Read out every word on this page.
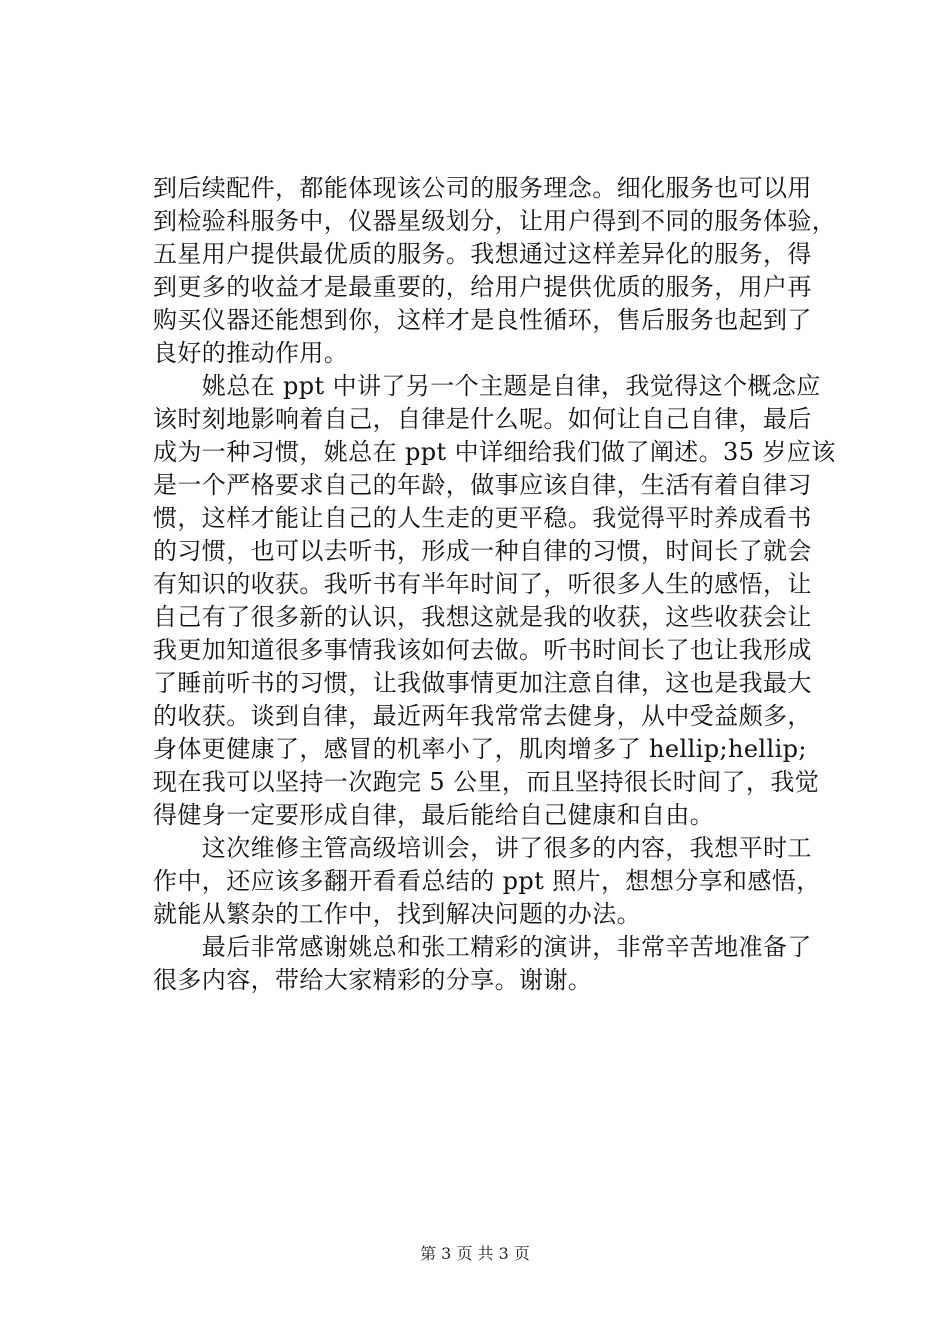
到后续配件，都能体现该公司的服务理念。细化服务也可以用
到检验科服务中，仪器星级划分，让用户得到不同的服务体验，
五星用户提供最优质的服务。我想通过这样差异化的服务，得
到更多的收益才是最重要的，给用户提供优质的服务，用户再
购买仪器还能想到你，这样才是良性循环，售后服务也起到了
良好的推动作用。
　　姚总在 ppt 中讲了另一个主题是自律，我觉得这个概念应
该时刻地影响着自己，自律是什么呢。如何让自己自律，最后
成为一种习惯，姚总在 ppt 中详细给我们做了阐述。35 岁应该
是一个严格要求自己的年龄，做事应该自律，生活有着自律习
惯，这样才能让自己的人生走的更平稳。我觉得平时养成看书
的习惯，也可以去听书，形成一种自律的习惯，时间长了就会
有知识的收获。我听书有半年时间了，听很多人生的感悟，让
自己有了很多新的认识，我想这就是我的收获，这些收获会让
我更加知道很多事情我该如何去做。听书时间长了也让我形成
了睡前听书的习惯，让我做事情更加注意自律，这也是我最大
的收获。谈到自律，最近两年我常常去健身，从中受益颇多，
身体更健康了，感冒的机率小了，肌肉增多了 hellip;hellip;
现在我可以坚持一次跑完 5 公里，而且坚持很长时间了，我觉
得健身一定要形成自律，最后能给自己健康和自由。
　　这次维修主管高级培训会，讲了很多的内容，我想平时工
作中，还应该多翻开看看总结的 ppt 照片，想想分享和感悟，
就能从繁杂的工作中，找到解决问题的办法。
　　最后非常感谢姚总和张工精彩的演讲，非常辛苦地准备了
很多内容，带给大家精彩的分享。谢谢。
第 3 页 共 3 页
